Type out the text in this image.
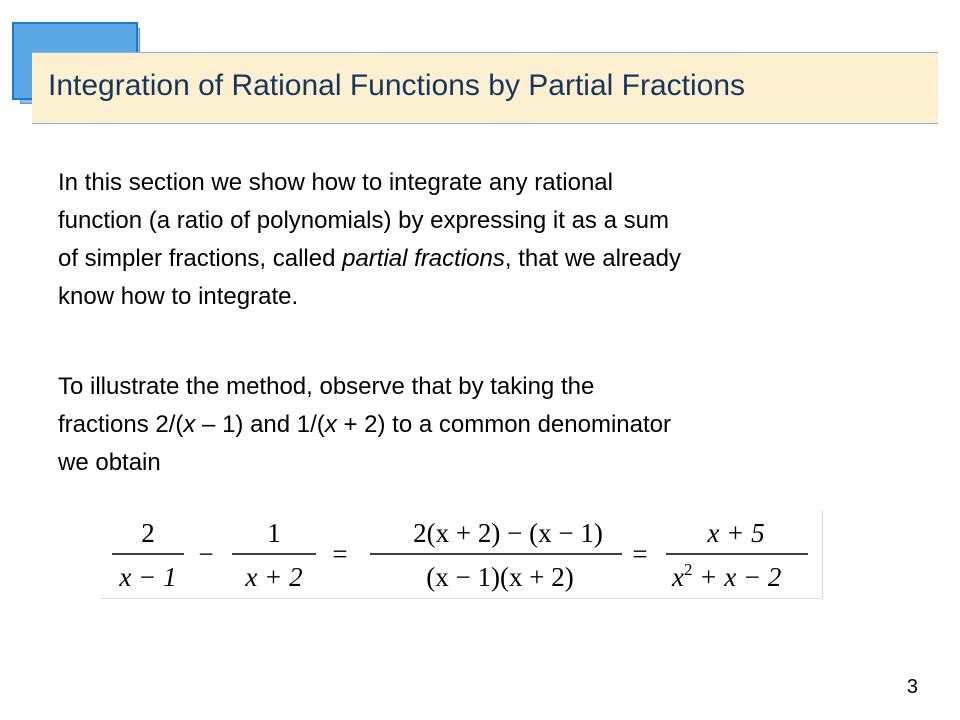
Integration of Rational Functions by Partial Fractions
In this section we show how to integrate any rational
function (a ratio of polynomials) by expressing it as a sum
of simpler fractions, called partial fractions, that we already
know how to integrate.
To illustrate the method, observe that by taking the
fractions 2/(x – 1) and 1/(x + 2) to a common denominator
we obtain
2
x − 1
−
1
x + 2
=
2(x + 2) − (x − 1)
(x − 1)(x + 2)
=
x + 5
$x^2 + x - 2$
3
